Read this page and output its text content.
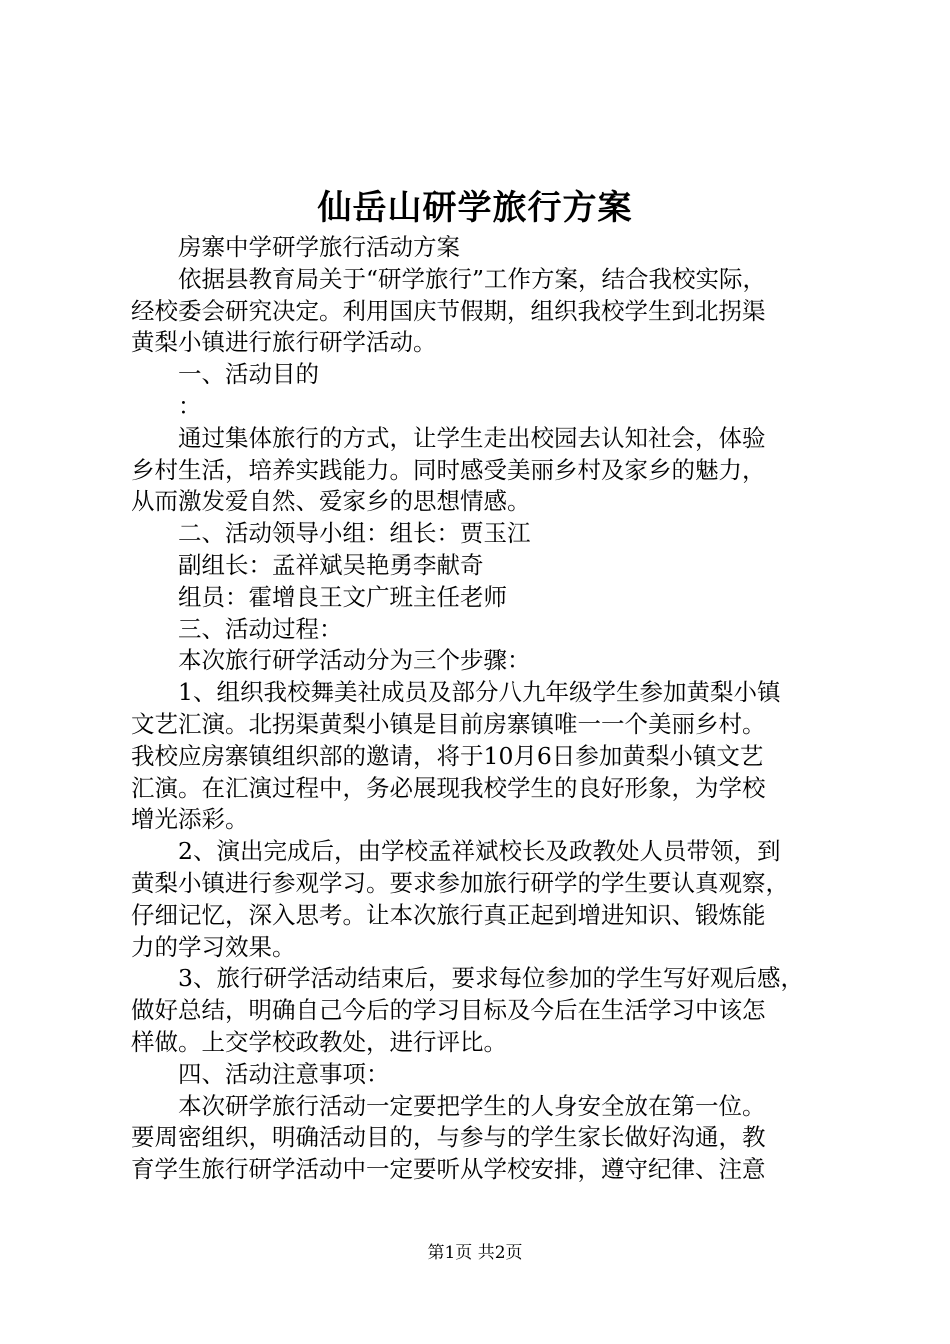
仙岳山研学旅行方案
房寨中学研学旅行活动方案
依据县教育局关于“研学旅行”工作方案，结合我校实际，
经校委会研究决定。利用国庆节假期，组织我校学生到北拐渠
黄梨小镇进行旅行研学活动。
一、活动目的
：
通过集体旅行的方式，让学生走出校园去认知社会，体验
乡村生活，培养实践能力。同时感受美丽乡村及家乡的魅力，
从而激发爱自然、爱家乡的思想情感。
二、活动领导小组：组长：贾玉江
副组长：孟祥斌吴艳勇李献奇
组员：霍增良王文广班主任老师
三、活动过程：
本次旅行研学活动分为三个步骤：
1、组织我校舞美社成员及部分八九年级学生参加黄梨小镇
文艺汇演。北拐渠黄梨小镇是目前房寨镇唯一一个美丽乡村。
我校应房寨镇组织部的邀请，将于10月6日参加黄梨小镇文艺
汇演。在汇演过程中，务必展现我校学生的良好形象，为学校
增光添彩。
2、演出完成后，由学校孟祥斌校长及政教处人员带领，到
黄梨小镇进行参观学习。要求参加旅行研学的学生要认真观察，
仔细记忆，深入思考。让本次旅行真正起到增进知识、锻炼能
力的学习效果。
3、旅行研学活动结束后，要求每位参加的学生写好观后感，
做好总结，明确自己今后的学习目标及今后在生活学习中该怎
样做。上交学校政教处，进行评比。
四、活动注意事项：
本次研学旅行活动一定要把学生的人身安全放在第一位。
要周密组织，明确活动目的，与参与的学生家长做好沟通，教
育学生旅行研学活动中一定要听从学校安排，遵守纪律、注意
第1页 共2页
